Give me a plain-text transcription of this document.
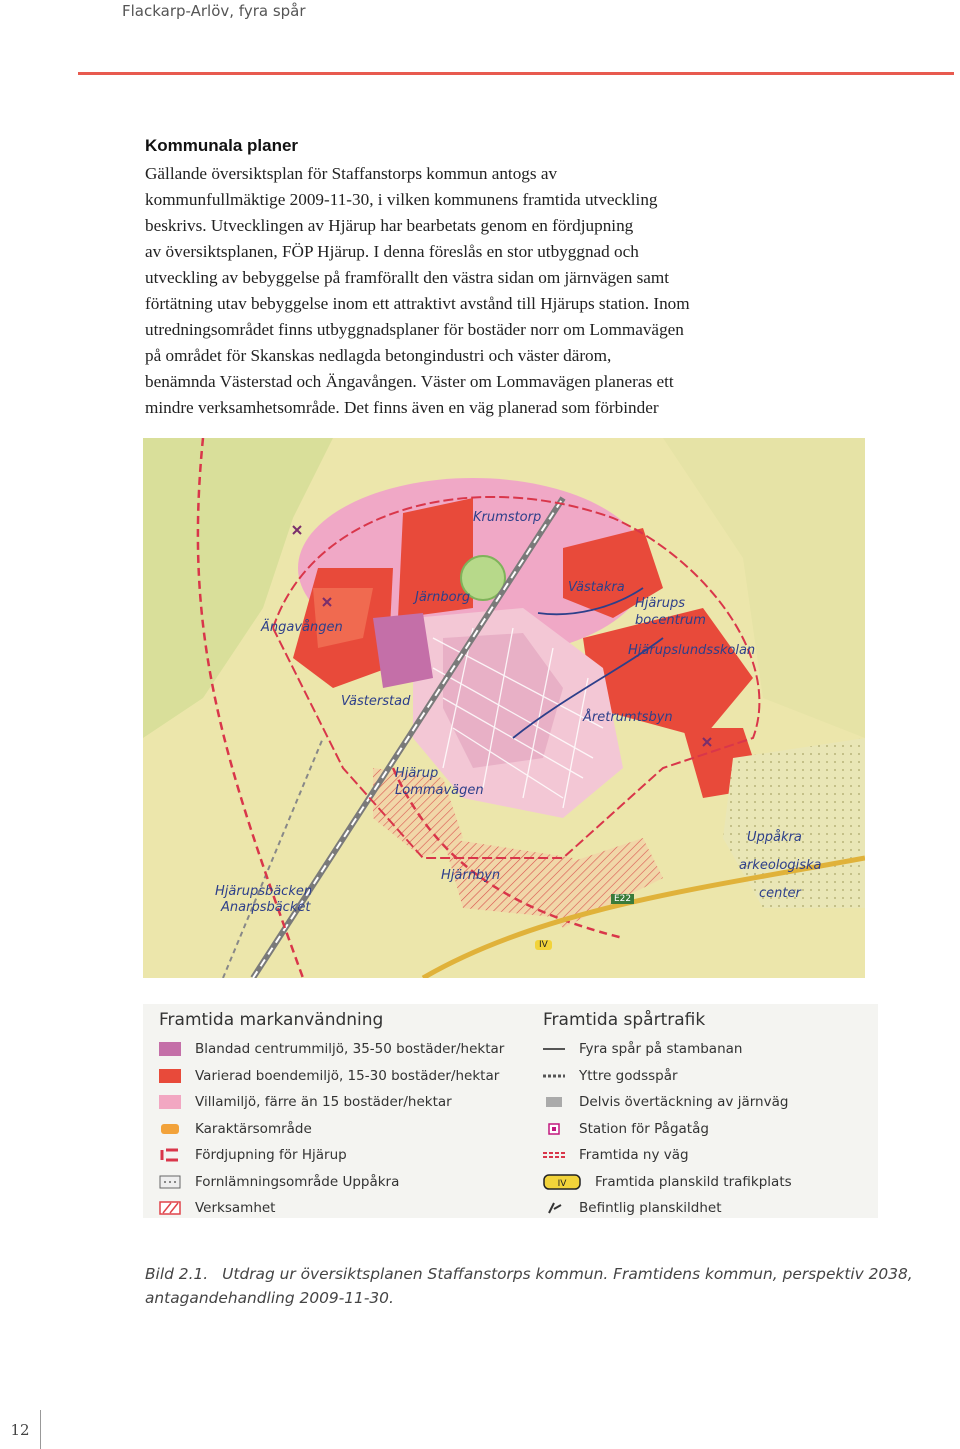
Flackarp-Arlöv, fyra spår
Kommunala planer
Gällande översiktsplan för Staffanstorps kommun antogs av
kommunfullmäktige 2009-11-30, i vilken kommunens framtida utveckling
beskrivs. Utvecklingen av Hjärup har bearbetats genom en fördjupning
av översiktsplanen, FÖP Hjärup. I denna föreslås en stor utbyggnad och
utveckling av bebyggelse på framförallt den västra sidan om järnvägen samt
förtätning utav bebyggelse inom ett attraktivt avstånd till Hjärups station. Inom
utredningsområdet finns utbyggnadsplaner för bostäder norr om Lommavägen
på området för Skanskas nedlagda betongindustri och väster därom,
benämnda Västerstad och Ängavången. Väster om Lommavägen planeras ett
mindre verksamhetsområde. Det finns även en väg planerad som förbinder
Krumstorp
Järnborg
Västakra
Hjärups
bocentrum
Hjärupslundsskolan
Ängavången
Västerstad
Åretrumtsbyn
Hjärup
Lommavägen
Hjärnbyn
Hjärupsbäcken
Anarpsbäcket
Uppåkra
arkeologiska
center
E22
IV
Framtida markanvändning
Blandad centrummiljö, 35-50 bostäder/hektar
Varierad boendemiljö, 15-30 bostäder/hektar
Villamiljö, färre än 15 bostäder/hektar
Karaktärsområde
Fördjupning för Hjärup
Fornlämningsområde Uppåkra
Verksamhet
Framtida spårtrafik
Fyra spår på stambanan
Yttre godsspår
Delvis övertäckning av järnväg
Station för Pågatåg
Framtida ny väg
IV Framtida planskild trafikplats
Befintlig planskildhet
Bild 2.1. Utdrag ur översiktsplanen Staffanstorps kommun. Framtidens kommun, perspektiv 2038,
antagandehandling 2009-11-30.
12
